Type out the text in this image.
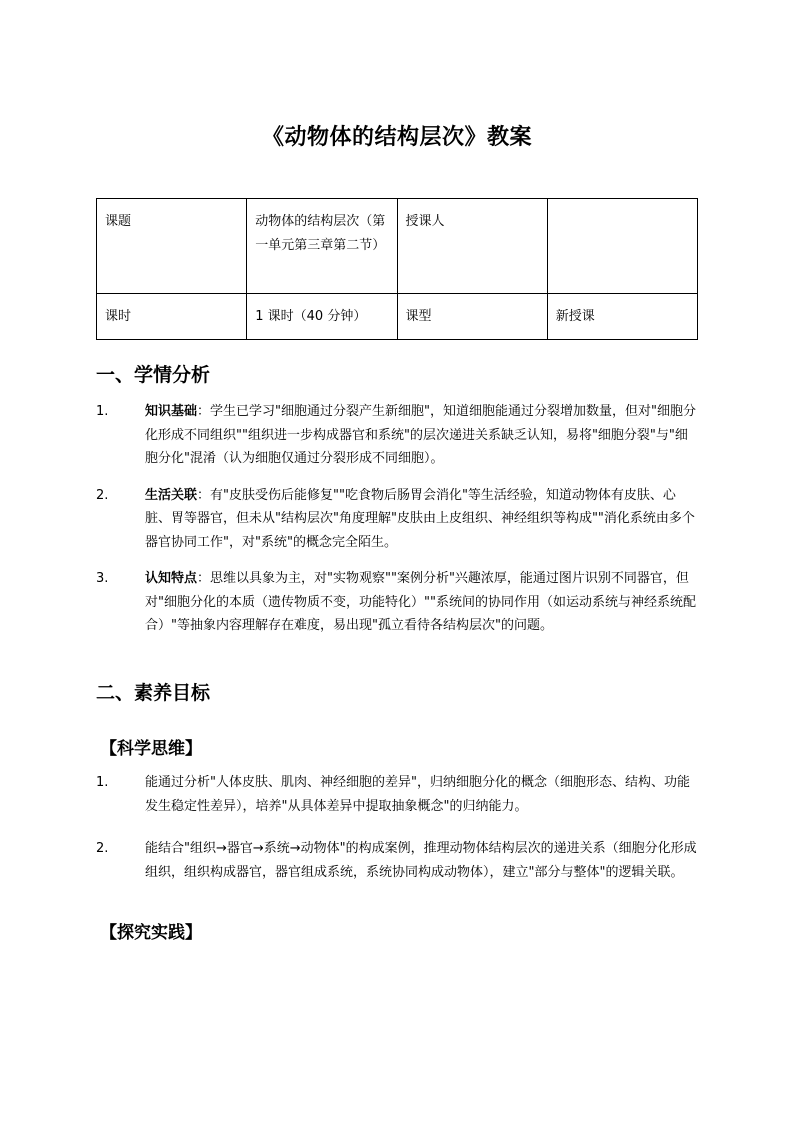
《动物体的结构层次》教案
课题	动物体的结构层次（第一单元第三章第二节）	授课人	
课时	1 课时（40 分钟）	课型	新授课
一、学情分析
1.	知识基础：学生已学习"细胞通过分裂产生新细胞"，知道细胞能通过分裂增加数量，但对"细胞分化形成不同组织""组织进一步构成器官和系统"的层次递进关系缺乏认知，易将"细胞分裂"与"细胞分化"混淆（认为细胞仅通过分裂形成不同细胞）。
2.	生活关联：有"皮肤受伤后能修复""吃食物后肠胃会消化"等生活经验，知道动物体有皮肤、心脏、胃等器官，但未从"结构层次"角度理解"皮肤由上皮组织、神经组织等构成""消化系统由多个器官协同工作"，对"系统"的概念完全陌生。
3.	认知特点：思维以具象为主，对"实物观察""案例分析"兴趣浓厚，能通过图片识别不同器官，但对"细胞分化的本质（遗传物质不变，功能特化）""系统间的协同作用（如运动系统与神经系统配合）"等抽象内容理解存在难度，易出现"孤立看待各结构层次"的问题。
二、素养目标
【科学思维】
1.	能通过分析"人体皮肤、肌肉、神经细胞的差异"，归纳细胞分化的概念（细胞形态、结构、功能发生稳定性差异），培养"从具体差异中提取抽象概念"的归纳能力。
2.	能结合"组织→器官→系统→动物体"的构成案例，推理动物体结构层次的递进关系（细胞分化形成组织，组织构成器官，器官组成系统，系统协同构成动物体），建立"部分与整体"的逻辑关联。
【探究实践】
